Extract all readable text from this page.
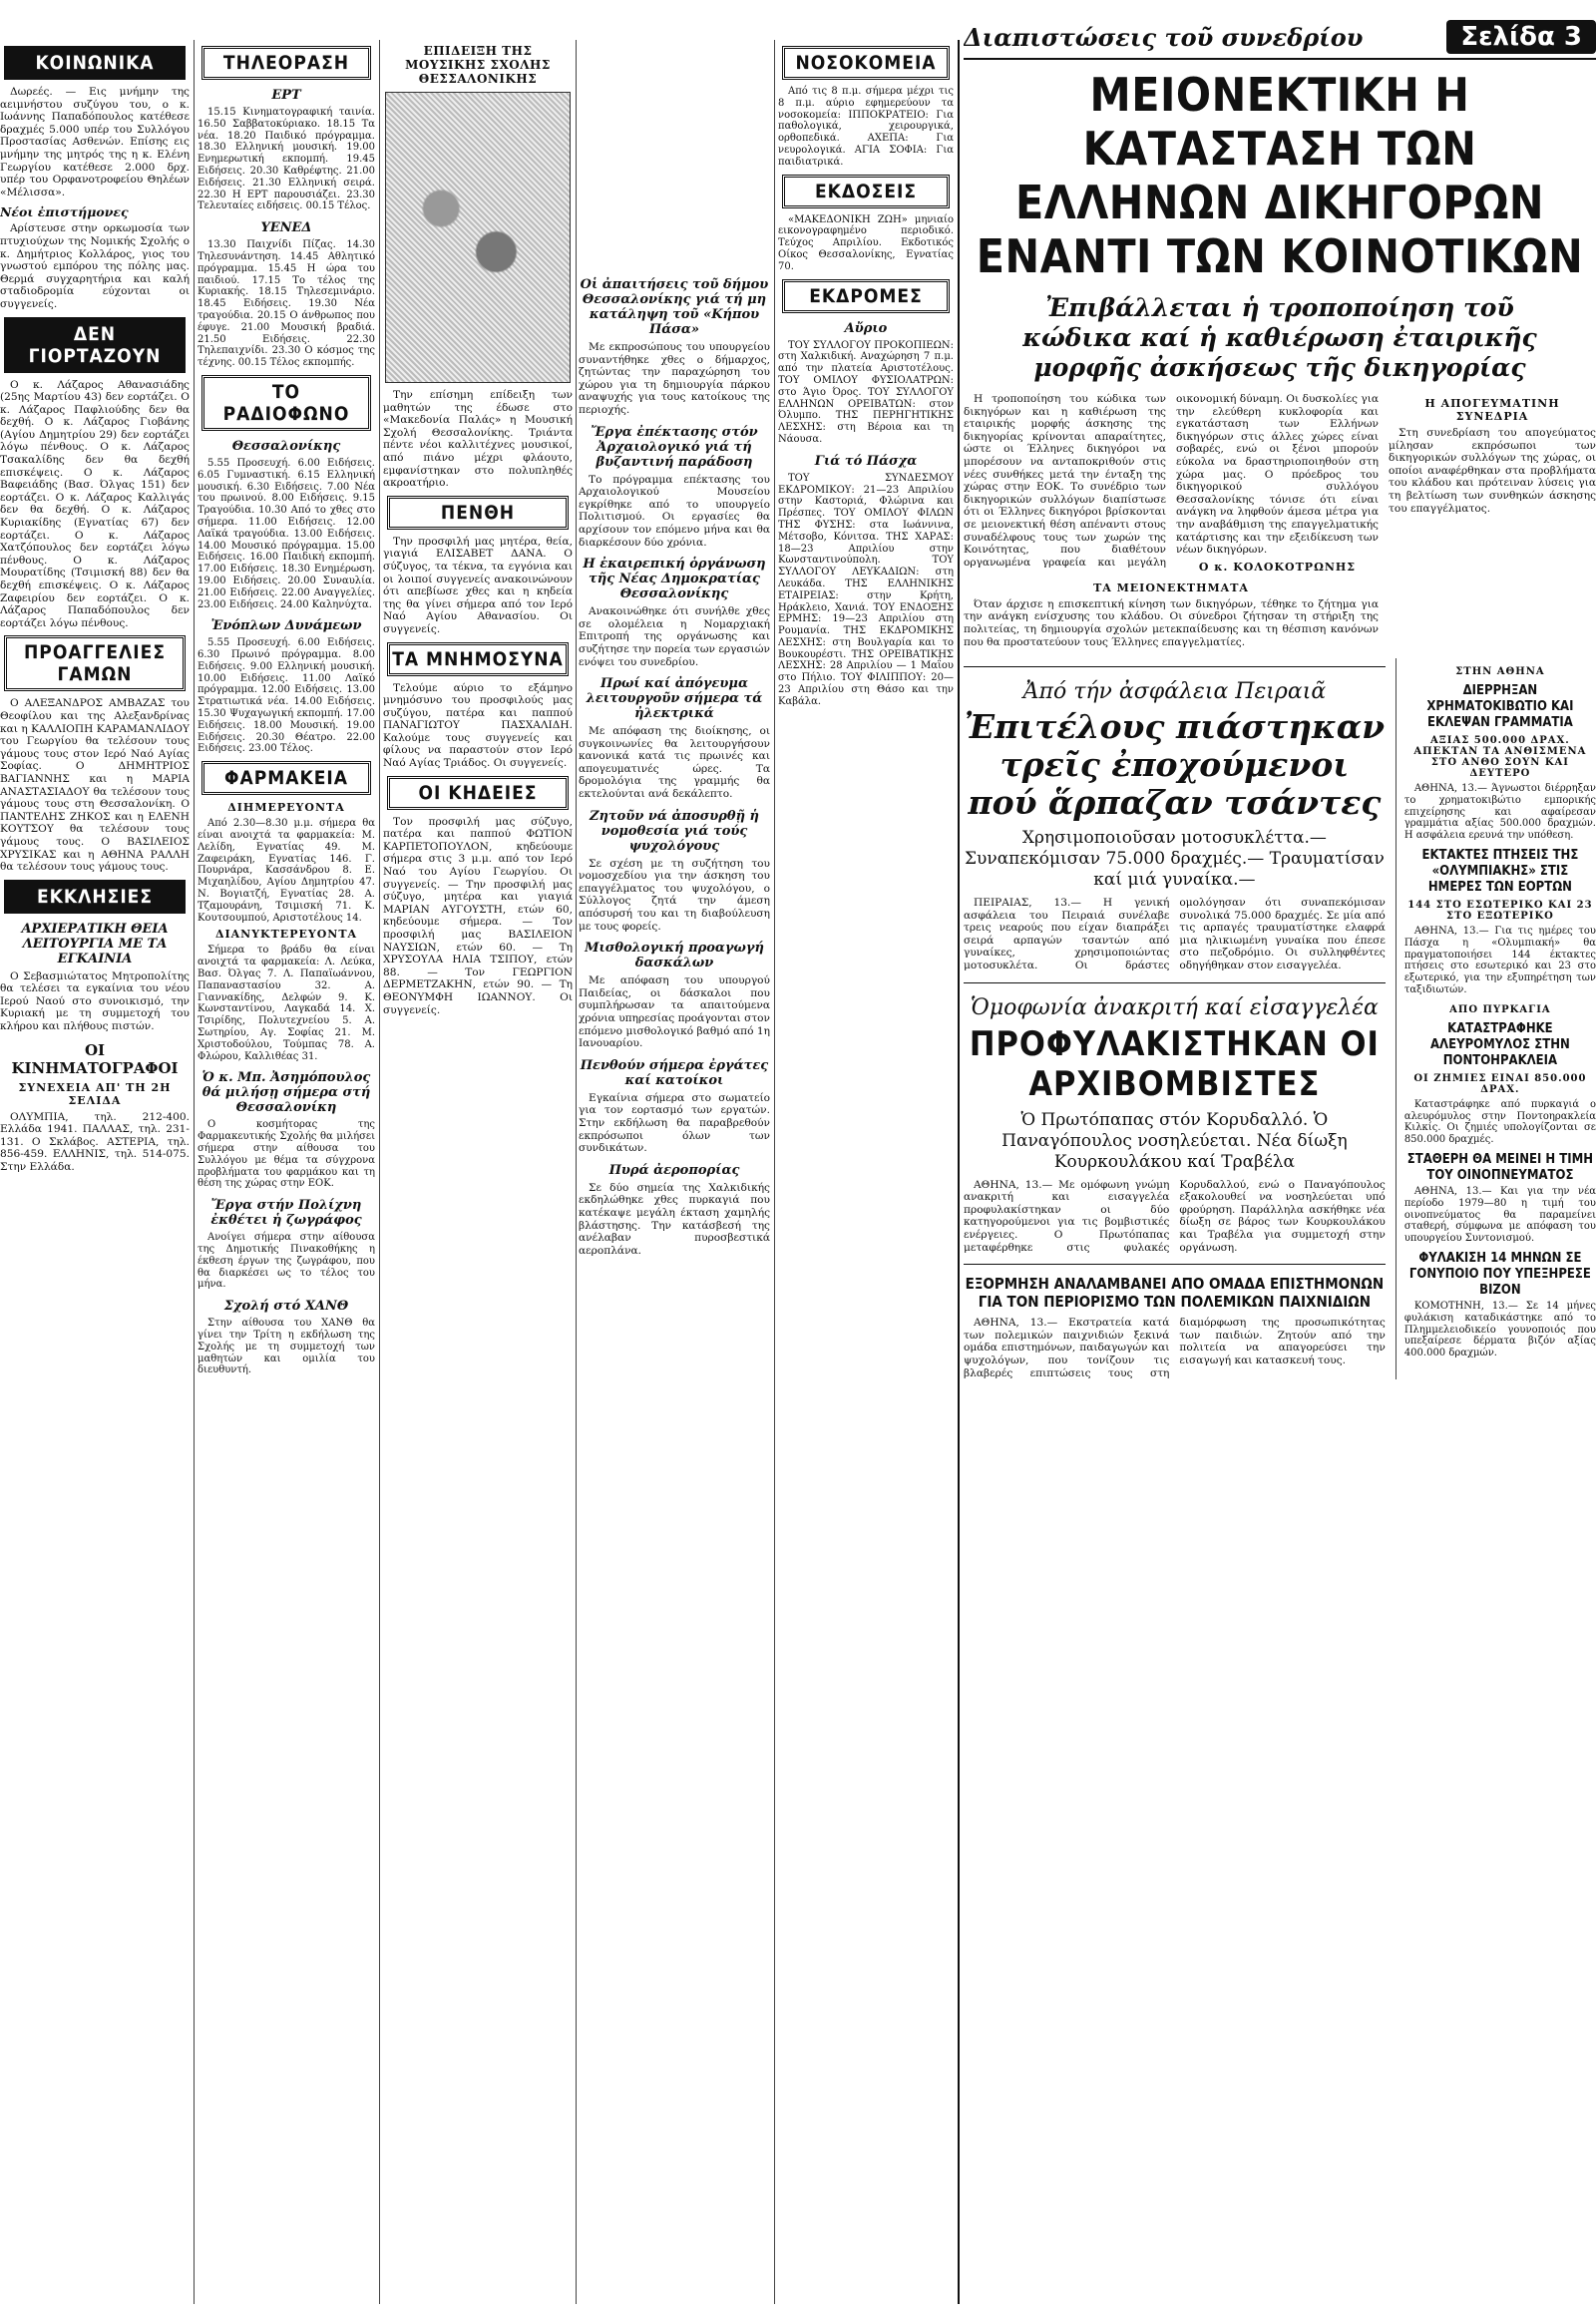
ΚΟΙΝΩΝΙΚΑ

Δωρεές. — Εις μνήμην της αειμνήστου συζύγου του, ο κ. Ιωάννης Παπαδόπουλος κατέθεσε δραχμές 5.000 υπέρ του Συλλόγου Προστασίας Ασθενών. Επίσης εις μνήμην της μητρός της η κ. Ελένη Γεωργίου κατέθεσε 2.000 δρχ. υπέρ του Ορφανοτροφείου Θηλέων «Μέλισσα».

Νέοι ἐπιστήμονες

Αρίστευσε στην ορκωμοσία των πτυχιούχων της Νομικής Σχολής ο κ. Δημήτριος Κολλάρος, γιος του γνωστού εμπόρου της πόλης μας. Θερμά συγχαρητήρια και καλή σταδιοδρομία εύχονται οι συγγενείς.

ΔΕΝ ΓΙΟΡΤΑΖΟΥΝ

Ο κ. Λάζαρος Αθανασιάδης (25ης Μαρτίου 43) δεν εορτάζει. Ο κ. Λάζαρος Παφλιούδης δεν θα δεχθή. Ο κ. Λάζαρος Γιοβάνης (Αγίου Δημητρίου 29) δεν εορτάζει λόγω πένθους. Ο κ. Λάζαρος Τσακαλίδης δεν θα δεχθή επισκέψεις. Ο κ. Λάζαρος Βαφειάδης (Βασ. Όλγας 151) δεν εορτάζει. Ο κ. Λάζαρος Καλλιγάς δεν θα δεχθή. Ο κ. Λάζαρος Κυριακίδης (Εγνατίας 67) δεν εορτάζει. Ο κ. Λάζαρος Χατζόπουλος δεν εορτάζει λόγω πένθους. Ο κ. Λάζαρος Μουρατίδης (Τσιμισκή 88) δεν θα δεχθή επισκέψεις. Ο κ. Λάζαρος Ζαφειρίου δεν εορτάζει. Ο κ. Λάζαρος Παπαδόπουλος δεν εορτάζει λόγω πένθους.

ΠΡΟΑΓΓΕΛΙΕΣ ΓΑΜΩΝ

Ο ΑΛΕΞΑΝΔΡΟΣ ΑΜΒΑΖΑΣ του Θεοφίλου και της Αλεξανδρίνας και η ΚΑΛΛΙΟΠΗ ΚΑΡΑΜΑΝΛΙΔΟΥ του Γεωργίου θα τελέσουν τους γάμους τους στον Ιερό Ναό Αγίας Σοφίας. Ο ΔΗΜΗΤΡΙΟΣ ΒΑΓΙΑΝΝΗΣ και η ΜΑΡΙΑ ΑΝΑΣΤΑΣΙΑΔΟΥ θα τελέσουν τους γάμους τους στη Θεσσαλονίκη. Ο ΠΑΝΤΕΛΗΣ ΖΗΚΟΣ και η ΕΛΕΝΗ ΚΟΥΤΣΟΥ θα τελέσουν τους γάμους τους. Ο ΒΑΣΙΛΕΙΟΣ ΧΡΥΣΙΚΑΣ και η ΑΘΗΝΑ ΡΑΛΛΗ θα τελέσουν τους γάμους τους.

ΕΚΚΛΗΣΙΕΣ
ΑΡΧΙΕΡΑΤΙΚΗ ΘΕΙΑ ΛΕΙΤΟΥΡΓΙΑ ΜΕ ΤΑ ΕΓΚΑΙΝΙΑ

Ο Σεβασμιώτατος Μητροπολίτης θα τελέσει τα εγκαίνια του νέου Ιερού Ναού στο συνοικισμό, την Κυριακή με τη συμμετοχή του κλήρου και πλήθους πιστών.

ΟΙ ΚΙΝΗΜΑΤΟΓΡΑΦΟΙ
ΣΥΝΕΧΕΙΑ ΑΠ' ΤΗ 2Η ΣΕΛΙΔΑ

ΟΛΥΜΠΙΑ, τηλ. 212-400. Ελλάδα 1941. ΠΑΛΛΑΣ, τηλ. 231-131. Ο Σκλάβος. ΑΣΤΕΡΙΑ, τηλ. 856-459. ΕΛΛΗΝΙΣ, τηλ. 514-075. Στην Ελλάδα.

ΤΗΛΕΟΡΑΣΗ
ΕΡΤ

15.15 Κινηματογραφική ταινία. 16.50 Σαββατοκύριακο. 18.15 Τα νέα. 18.20 Παιδικό πρόγραμμα. 18.30 Ελληνική μουσική. 19.00 Ενημερωτική εκπομπή. 19.45 Ειδήσεις. 20.30 Καθρέφτης. 21.00 Ειδήσεις. 21.30 Ελληνική σειρά. 22.30 Η ΕΡΤ παρουσιάζει. 23.30 Τελευταίες ειδήσεις. 00.15 Τέλος.

ΥΕΝΕΔ

13.30 Παιχνίδι Πίζας. 14.30 Τηλεσυνάντηση. 14.45 Αθλητικό πρόγραμμα. 15.45 Η ώρα του παιδιού. 17.15 Το τέλος της Κυριακής. 18.15 Τηλεσεμινάριο. 18.45 Ειδήσεις. 19.30 Νέα τραγούδια. 20.15 Ο άνθρωπος που έφυγε. 21.00 Μουσική βραδιά. 21.50 Ειδήσεις. 22.30 Τηλεπαιχνίδι. 23.30 Ο κόσμος της τέχνης. 00.15 Τέλος εκπομπής.

ΤΟ ΡΑΔΙΟΦΩΝΟ
Θεσσαλονίκης

5.55 Προσευχή. 6.00 Ειδήσεις. 6.05 Γυμναστική. 6.15 Ελληνική μουσική. 6.30 Ειδήσεις. 7.00 Νέα του πρωινού. 8.00 Ειδήσεις. 9.15 Τραγούδια. 10.30 Από το χθες στο σήμερα. 11.00 Ειδήσεις. 12.00 Λαϊκά τραγούδια. 13.00 Ειδήσεις. 14.00 Μουσικό πρόγραμμα. 15.00 Ειδήσεις. 16.00 Παιδική εκπομπή. 17.00 Ειδήσεις. 18.30 Ενημέρωση. 19.00 Ειδήσεις. 20.00 Συναυλία. 21.00 Ειδήσεις. 22.00 Αναγγελίες. 23.00 Ειδήσεις. 24.00 Καληνύχτα.

Ἐνόπλων Δυνάμεων

5.55 Προσευχή. 6.00 Ειδήσεις. 6.30 Πρωινό πρόγραμμα. 8.00 Ειδήσεις. 9.00 Ελληνική μουσική. 10.00 Ειδήσεις. 11.00 Λαϊκό πρόγραμμα. 12.00 Ειδήσεις. 13.00 Στρατιωτικά νέα. 14.00 Ειδήσεις. 15.30 Ψυχαγωγική εκπομπή. 17.00 Ειδήσεις. 18.00 Μουσική. 19.00 Ειδήσεις. 20.30 Θέατρο. 22.00 Ειδήσεις. 23.00 Τέλος.

ΦΑΡΜΑΚΕΙΑ
ΔΙΗΜΕΡΕΥΟΝΤΑ

Από 2.30—8.30 μ.μ. σήμερα θα είναι ανοιχτά τα φαρμακεία: Μ. Λελίδη, Εγνατίας 49. Μ. Ζαφειράκη, Εγνατίας 146. Γ. Πουρνάρα, Κασσάνδρου 8. Ε. Μιχαηλίδου, Αγίου Δημητρίου 47. Ν. Βογιατζή, Εγνατίας 28. Α. Τζαμουράνη, Τσιμισκή 71. Κ. Κουτσουμπού, Αριστοτέλους 14.

ΔΙΑΝΥΚΤΕΡΕΥΟΝΤΑ

Σήμερα το βράδυ θα είναι ανοιχτά τα φαρμακεία: Λ. Λεύκα, Βασ. Όλγας 7. Λ. Παπαϊωάννου, Παπαναστασίου 32. Α. Γιαννακίδης, Δελφών 9. Κ. Κωνσταντίνου, Λαγκαδά 14. Χ. Τσιρίδης, Πολυτεχνείου 5. Α. Σωτηρίου, Αγ. Σοφίας 21. Μ. Χριστοδούλου, Τούμπας 78. Α. Φλώρου, Καλλιθέας 31.

Ὁ κ. Μπ. Ἀσημόπουλος θά μιλήσῃ σήμερα στή Θεσσαλονίκη

Ο κοσμήτορας της Φαρμακευτικής Σχολής θα μιλήσει σήμερα στην αίθουσα του Συλλόγου με θέμα τα σύγχρονα προβλήματα του φαρμάκου και τη θέση της χώρας στην ΕΟΚ.

Ἔργα στήν Πολίχνη ἐκθέτει ἡ ζωγράφος

Ανοίγει σήμερα στην αίθουσα της Δημοτικής Πινακοθήκης η έκθεση έργων της ζωγράφου, που θα διαρκέσει ως το τέλος του μήνα.

Σχολή στό ΧΑΝΘ

Στην αίθουσα του ΧΑΝΘ θα γίνει την Τρίτη η εκδήλωση της Σχολής με τη συμμετοχή των μαθητών και ομιλία του διευθυντή.

ΕΠΙΔΕΙΞΗ ΤΗΣ ΜΟΥΣΙΚΗΣ ΣΧΟΛΗΣ ΘΕΣΣΑΛΟΝΙΚΗΣ

Την επίσημη επίδειξη των μαθητών της έδωσε στο «Μακεδονία Παλάς» η Μουσική Σχολή Θεσσαλονίκης. Τριάντα πέντε νέοι καλλιτέχνες μουσικοί, από πιάνο μέχρι φλάουτο, εμφανίστηκαν στο πολυπληθές ακροατήριο.

ΠΕΝΘΗ

Την προσφιλή μας μητέρα, θεία, γιαγιά ΕΛΙΣΑΒΕΤ ΔΑΝΑ. Ο σύζυγος, τα τέκνα, τα εγγόνια και οι λοιποί συγγενείς ανακοινώνουν ότι απεβίωσε χθες και η κηδεία της θα γίνει σήμερα από τον Ιερό Ναό Αγίου Αθανασίου. Οι συγγενείς.

ΤΑ ΜΝΗΜΟΣΥΝΑ

Τελούμε αύριο το εξάμηνο μνημόσυνο του προσφιλούς μας συζύγου, πατέρα και παππού ΠΑΝΑΓΙΩΤΟΥ ΠΑΣΧΑΛΙΔΗ. Καλούμε τους συγγενείς και φίλους να παραστούν στον Ιερό Ναό Αγίας Τριάδος. Οι συγγενείς.

ΟΙ ΚΗΔΕΙΕΣ

Τον προσφιλή μας σύζυγο, πατέρα και παππού ΦΩΤΙΟΝ ΚΑΡΠΕΤΟΠΟΥΛΟΝ, κηδεύουμε σήμερα στις 3 μ.μ. από τον Ιερό Ναό του Αγίου Γεωργίου. Οι συγγενείς. — Την προσφιλή μας σύζυγο, μητέρα και γιαγιά ΜΑΡΙΑΝ ΑΥΓΟΥΣΤΗ, ετών 60, κηδεύουμε σήμερα. — Τον προσφιλή μας ΒΑΣΙΛΕΙΟΝ ΝΑΥΣΙΩΝ, ετών 60. — Τη ΧΡΥΣΟΥΛΑ ΗΛΙΑ ΤΣΙΠΟΥ, ετών 88. — Τον ΓΕΩΡΓΙΟΝ ΔΕΡΜΕΤΖΑΚΗΝ, ετών 90. — Τη ΘΕΟΝΥΜΦΗ ΙΩΑΝΝΟΥ. Οι συγγενείς.

Οἱ ἀπαιτήσεις τοῦ δήμου Θεσσαλονίκης γιά τή μη κατάληψη τοῦ «Κήπου Πάσα»

Με εκπροσώπους του υπουργείου συναντήθηκε χθες ο δήμαρχος, ζητώντας την παραχώρηση του χώρου για τη δημιουργία πάρκου αναψυχής για τους κατοίκους της περιοχής.

Ἔργα ἐπέκτασης στόν Ἀρχαιολογικό γιά τή βυζαντινή παράδοση

Το πρόγραμμα επέκτασης του Αρχαιολογικού Μουσείου εγκρίθηκε από το υπουργείο Πολιτισμού. Οι εργασίες θα αρχίσουν τον επόμενο μήνα και θα διαρκέσουν δύο χρόνια.

Η ἐκαιρεπική ὁργάνωση τῆς Νέας Δημοκρατίας Θεσσαλονίκης

Ανακοινώθηκε ότι συνήλθε χθες σε ολομέλεια η Νομαρχιακή Επιτροπή της οργάνωσης και συζήτησε την πορεία των εργασιών ενόψει του συνεδρίου.

Πρωί καί ἀπόγευμα λειτουργοῦν σήμερα τά ἠλεκτρικά

Με απόφαση της διοίκησης, οι συγκοινωνίες θα λειτουργήσουν κανονικά κατά τις πρωινές και απογευματινές ώρες. Τα δρομολόγια της γραμμής θα εκτελούνται ανά δεκάλεπτο.

Ζητοῦν νά ἀποσυρθῇ ἡ νομοθεσία γιά τούς ψυχολόγους

Σε σχέση με τη συζήτηση του νομοσχεδίου για την άσκηση του επαγγέλματος του ψυχολόγου, ο Σύλλογος ζητά την άμεση απόσυρσή του και τη διαβούλευση με τους φορείς.

Μισθολογική προαγωγή δασκάλων

Με απόφαση του υπουργού Παιδείας, οι δάσκαλοι που συμπλήρωσαν τα απαιτούμενα χρόνια υπηρεσίας προάγονται στον επόμενο μισθολογικό βαθμό από 1η Ιανουαρίου.

Πενθούν σήμερα ἐργάτες καί κατοίκοι

Εγκαίνια σήμερα στο σωματείο για τον εορτασμό των εργατών. Στην εκδήλωση θα παραβρεθούν εκπρόσωποι όλων των συνδικάτων.

Πυρά ἀεροπορίας

Σε δύο σημεία της Χαλκιδικής εκδηλώθηκε χθες πυρκαγιά που κατέκαψε μεγάλη έκταση χαμηλής βλάστησης. Την κατάσβεσή της ανέλαβαν πυροσβεστικά αεροπλάνα.

ΝΟΣΟΚΟΜΕΙΑ

Από τις 8 π.μ. σήμερα μέχρι τις 8 π.μ. αύριο εφημερεύουν τα νοσοκομεία: ΙΠΠΟΚΡΑΤΕΙΟ: Για παθολογικά, χειρουργικά, ορθοπεδικά. ΑΧΕΠΑ: Για νευρολογικά. ΑΓΙΑ ΣΟΦΙΑ: Για παιδιατρικά.

ΕΚΔΟΣΕΙΣ

«ΜΑΚΕΔΟΝΙΚΗ ΖΩΗ» μηνιαίο εικονογραφημένο περιοδικό. Τεύχος Απριλίου. Εκδοτικός Οίκος Θεσσαλονίκης, Εγνατίας 70.

ΕΚΔΡΟΜΕΣ
Αὔριο

ΤΟΥ ΣΥΛΛΟΓΟΥ ΠΡΟΚΟΠΙΕΩΝ: στη Χαλκιδική. Αναχώρηση 7 π.μ. από την πλατεία Αριστοτέλους. ΤΟΥ ΟΜΙΛΟΥ ΦΥΣΙΟΛΑΤΡΩΝ: στο Άγιο Όρος. ΤΟΥ ΣΥΛΛΟΓΟΥ ΕΛΛΗΝΩΝ ΟΡΕΙΒΑΤΩΝ: στον Όλυμπο. ΤΗΣ ΠΕΡΗΓΗΤΙΚΗΣ ΛΕΣΧΗΣ: στη Βέροια και τη Νάουσα.

Γιά τό Πάσχα

ΤΟΥ ΣΥΝΔΕΣΜΟΥ ΕΚΔΡΟΜΙΚΟΥ: 21—23 Απριλίου στην Καστοριά, Φλώρινα και Πρέσπες. ΤΟΥ ΟΜΙΛΟΥ ΦΙΛΩΝ ΤΗΣ ΦΥΣΗΣ: στα Ιωάννινα, Μέτσοβο, Κόνιτσα. ΤΗΣ ΧΑΡΑΣ: 18—23 Απριλίου στην Κωνσταντινούπολη. ΤΟΥ ΣΥΛΛΟΓΟΥ ΛΕΥΚΑΔΙΩΝ: στη Λευκάδα. ΤΗΣ ΕΛΛΗΝΙΚΗΣ ΕΤΑΙΡΕΙΑΣ: στην Κρήτη, Ηράκλειο, Χανιά. ΤΟΥ ΕΝΔΟΞΗΣ ΕΡΜΗΣ: 19—23 Απριλίου στη Ρουμανία. ΤΗΣ ΕΚΔΡΟΜΙΚΗΣ ΛΕΣΧΗΣ: στη Βουλγαρία και το Βουκουρέστι. ΤΗΣ ΟΡΕΙΒΑΤΙΚΗΣ ΛΕΣΧΗΣ: 28 Απριλίου — 1 Μαΐου στο Πήλιο. ΤΟΥ ΦΙΛΙΠΠΟΥ: 20—23 Απριλίου στη Θάσο και την Καβάλα.

Διαπιστώσεις τοῦ συνεδρίου	Σελίδα 3
ΜΕΙΟΝΕΚΤΙΚΗ Η ΚΑΤΑΣΤΑΣΗ ΤΩΝ ΕΛΛΗΝΩΝ ΔΙΚΗΓΟΡΩΝ ΕΝΑΝΤΙ ΤΩΝ ΚΟΙΝΟΤΙΚΩΝ
Ἐπιβάλλεται ἡ τροποποίηση τοῦ κώδικα καί ἡ καθιέρωση ἐταιρικῆς μορφῆς ἀσκήσεως τῆς δικηγορίας

Η τροποποίηση του κώδικα των δικηγόρων και η καθιέρωση της εταιρικής μορφής άσκησης της δικηγορίας κρίνονται απαραίτητες, ώστε οι Έλληνες δικηγόροι να μπορέσουν να ανταποκριθούν στις νέες συνθήκες μετά την ένταξη της χώρας στην ΕΟΚ. Το συνέδριο των δικηγορικών συλλόγων διαπίστωσε ότι οι Έλληνες δικηγόροι βρίσκονται σε μειονεκτική θέση απέναντι στους συναδέλφους τους των χωρών της Κοινότητας, που διαθέτουν οργανωμένα γραφεία και μεγάλη οικονομική δύναμη. Οι δυσκολίες για την ελεύθερη κυκλοφορία και εγκατάσταση των Ελλήνων δικηγόρων στις άλλες χώρες είναι σοβαρές, ενώ οι ξένοι μπορούν εύκολα να δραστηριοποιηθούν στη χώρα μας. Ο πρόεδρος του δικηγορικού συλλόγου Θεσσαλονίκης τόνισε ότι είναι ανάγκη να ληφθούν άμεσα μέτρα για την αναβάθμιση της επαγγελματικής κατάρτισης και την εξειδίκευση των νέων δικηγόρων.

Ο κ. ΚΟΛΟΚΟΤΡΩΝΗΣ
ΤΑ ΜΕΙΟΝΕΚΤΗΜΑΤΑ

Όταν άρχισε η επισκεπτική κίνηση των δικηγόρων, τέθηκε το ζήτημα για την ανάγκη ενίσχυσης του κλάδου. Οι σύνεδροι ζήτησαν τη στήριξη της πολιτείας, τη δημιουργία σχολών μετεκπαίδευσης και τη θέσπιση κανόνων που θα προστατεύουν τους Έλληνες επαγγελματίες.

Η ΑΠΟΓΕΥΜΑΤΙΝΗ ΣΥΝΕΔΡΙΑ

Στη συνεδρίαση του απογεύματος μίλησαν εκπρόσωποι των δικηγορικών συλλόγων της χώρας, οι οποίοι αναφέρθηκαν στα προβλήματα του κλάδου και πρότειναν λύσεις για τη βελτίωση των συνθηκών άσκησης του επαγγέλματος.

Ἀπό τήν ἀσφάλεια Πειραιᾶ
Ἐπιτέλους πιάστηκαν τρεῖς ἐποχούμενοι πού ἅρπαζαν τσάντες
Χρησιμοποιοῦσαν μοτοσυκλέττα.— Συναπεκόμισαν 75.000 δραχμές.— Τραυματίσαν καί μιά γυναίκα.—

ΠΕΙΡΑΙΑΣ, 13.— Η γενική ασφάλεια του Πειραιά συνέλαβε τρεις νεαρούς που είχαν διαπράξει σειρά αρπαγών τσαντών από γυναίκες, χρησιμοποιώντας μοτοσυκλέτα. Οι δράστες ομολόγησαν ότι συναπεκόμισαν συνολικά 75.000 δραχμές. Σε μία από τις αρπαγές τραυματίστηκε ελαφρά μια ηλικιωμένη γυναίκα που έπεσε στο πεζοδρόμιο. Οι συλληφθέντες οδηγήθηκαν στον εισαγγελέα.

Ὁμοφωνία ἀνακριτή καί εἰσαγγελέα
ΠΡΟΦΥΛΑΚΙΣΤΗΚΑΝ ΟΙ ΑΡΧΙΒΟΜΒΙΣΤΕΣ
Ὁ Πρωτόπαπας στόν Κορυδαλλό. Ὁ Παναγόπουλος νοσηλεύεται. Νέα δίωξη Κουρκουλάκου καί Τραβέλα

ΑΘΗΝΑ, 13.— Με ομόφωνη γνώμη ανακριτή και εισαγγελέα προφυλακίστηκαν οι δύο κατηγορούμενοι για τις βομβιστικές ενέργειες. Ο Πρωτόπαπας μεταφέρθηκε στις φυλακές Κορυδαλλού, ενώ ο Παναγόπουλος εξακολουθεί να νοσηλεύεται υπό φρούρηση. Παράλληλα ασκήθηκε νέα δίωξη σε βάρος των Κουρκουλάκου και Τραβέλα για συμμετοχή στην οργάνωση.

ΕΞΟΡΜΗΣΗ ΑΝΑΛΑΜΒΑΝΕΙ ΑΠΟ ΟΜΑΔΑ ΕΠΙΣΤΗΜΟΝΩΝ ΓΙΑ ΤΟΝ ΠΕΡΙΟΡΙΣΜΟ ΤΩΝ ΠΟΛΕΜΙΚΩΝ ΠΑΙΧΝΙΔΙΩΝ

ΑΘΗΝΑ, 13.— Εκστρατεία κατά των πολεμικών παιχνιδιών ξεκινά ομάδα επιστημόνων, παιδαγωγών και ψυχολόγων, που τονίζουν τις βλαβερές επιπτώσεις τους στη διαμόρφωση της προσωπικότητας των παιδιών. Ζητούν από την πολιτεία να απαγορεύσει την εισαγωγή και κατασκευή τους.

ΣΤΗΝ ΑΘΗΝΑ
ΔΙΕΡΡΗΞΑΝ ΧΡΗΜΑΤΟΚΙΒΩΤΙΟ ΚΑΙ ΕΚΛΕΨΑΝ ΓΡΑΜΜΑΤΙΑ
ΑΞΙΑΣ 500.000 ΔΡΑΧ. ΑΠΕΚΤΑΝ ΤΑ ΑΝΘΙΣΜΕΝΑ ΣΤΟ ΑΝΘΟ ΣΟΥΝ ΚΑΙ ΔΕΥΤΕΡΟ

ΑΘΗΝΑ, 13.— Άγνωστοι διέρρηξαν το χρηματοκιβώτιο εμπορικής επιχείρησης και αφαίρεσαν γραμμάτια αξίας 500.000 δραχμών. Η ασφάλεια ερευνά την υπόθεση.

ΕΚΤΑΚΤΕΣ ΠΤΗΣΕΙΣ ΤΗΣ «ΟΛΥΜΠΙΑΚΗΣ» ΣΤΙΣ ΗΜΕΡΕΣ ΤΩΝ ΕΟΡΤΩΝ
144 ΣΤΟ ΕΣΩΤΕΡΙΚΟ ΚΑΙ 23 ΣΤΟ ΕΞΩΤΕΡΙΚΟ

ΑΘΗΝΑ, 13.— Για τις ημέρες του Πάσχα η «Ολυμπιακή» θα πραγματοποιήσει 144 έκτακτες πτήσεις στο εσωτερικό και 23 στο εξωτερικό, για την εξυπηρέτηση των ταξιδιωτών.

ΑΠΟ ΠΥΡΚΑΓΙΑ
ΚΑΤΑΣΤΡΑΦΗΚΕ ΑΛΕΥΡΟΜΥΛΟΣ ΣΤΗΝ ΠΟΝΤΟΗΡΑΚΛΕΙΑ
ΟΙ ΖΗΜΙΕΣ ΕΙΝΑΙ 850.000 ΔΡΑΧ.

Καταστράφηκε από πυρκαγιά ο αλευρόμυλος στην Ποντοηρακλεία Κιλκίς. Οι ζημιές υπολογίζονται σε 850.000 δραχμές.

ΣΤΑΘΕΡΗ ΘΑ ΜΕΙΝΕΙ Η ΤΙΜΗ ΤΟΥ ΟΙΝΟΠΝΕΥΜΑΤΟΣ

ΑΘΗΝΑ, 13.— Και για την νέα περίοδο 1979—80 η τιμή του οινοπνεύματος θα παραμείνει σταθερή, σύμφωνα με απόφαση του υπουργείου Συντονισμού.

ΦΥΛΑΚΙΣΗ 14 ΜΗΝΩΝ ΣΕ ΓΟΝΥΠΟΙΟ ΠΟΥ ΥΠΕΞΗΡΕΣΕ ΒΙΖΟΝ

ΚΟΜΟΤΗΝΗ, 13.— Σε 14 μήνες φυλάκιση καταδικάστηκε από το Πλημμελειοδικείο γουνοποιός που υπεξαίρεσε δέρματα βιζόν αξίας 400.000 δραχμών.
